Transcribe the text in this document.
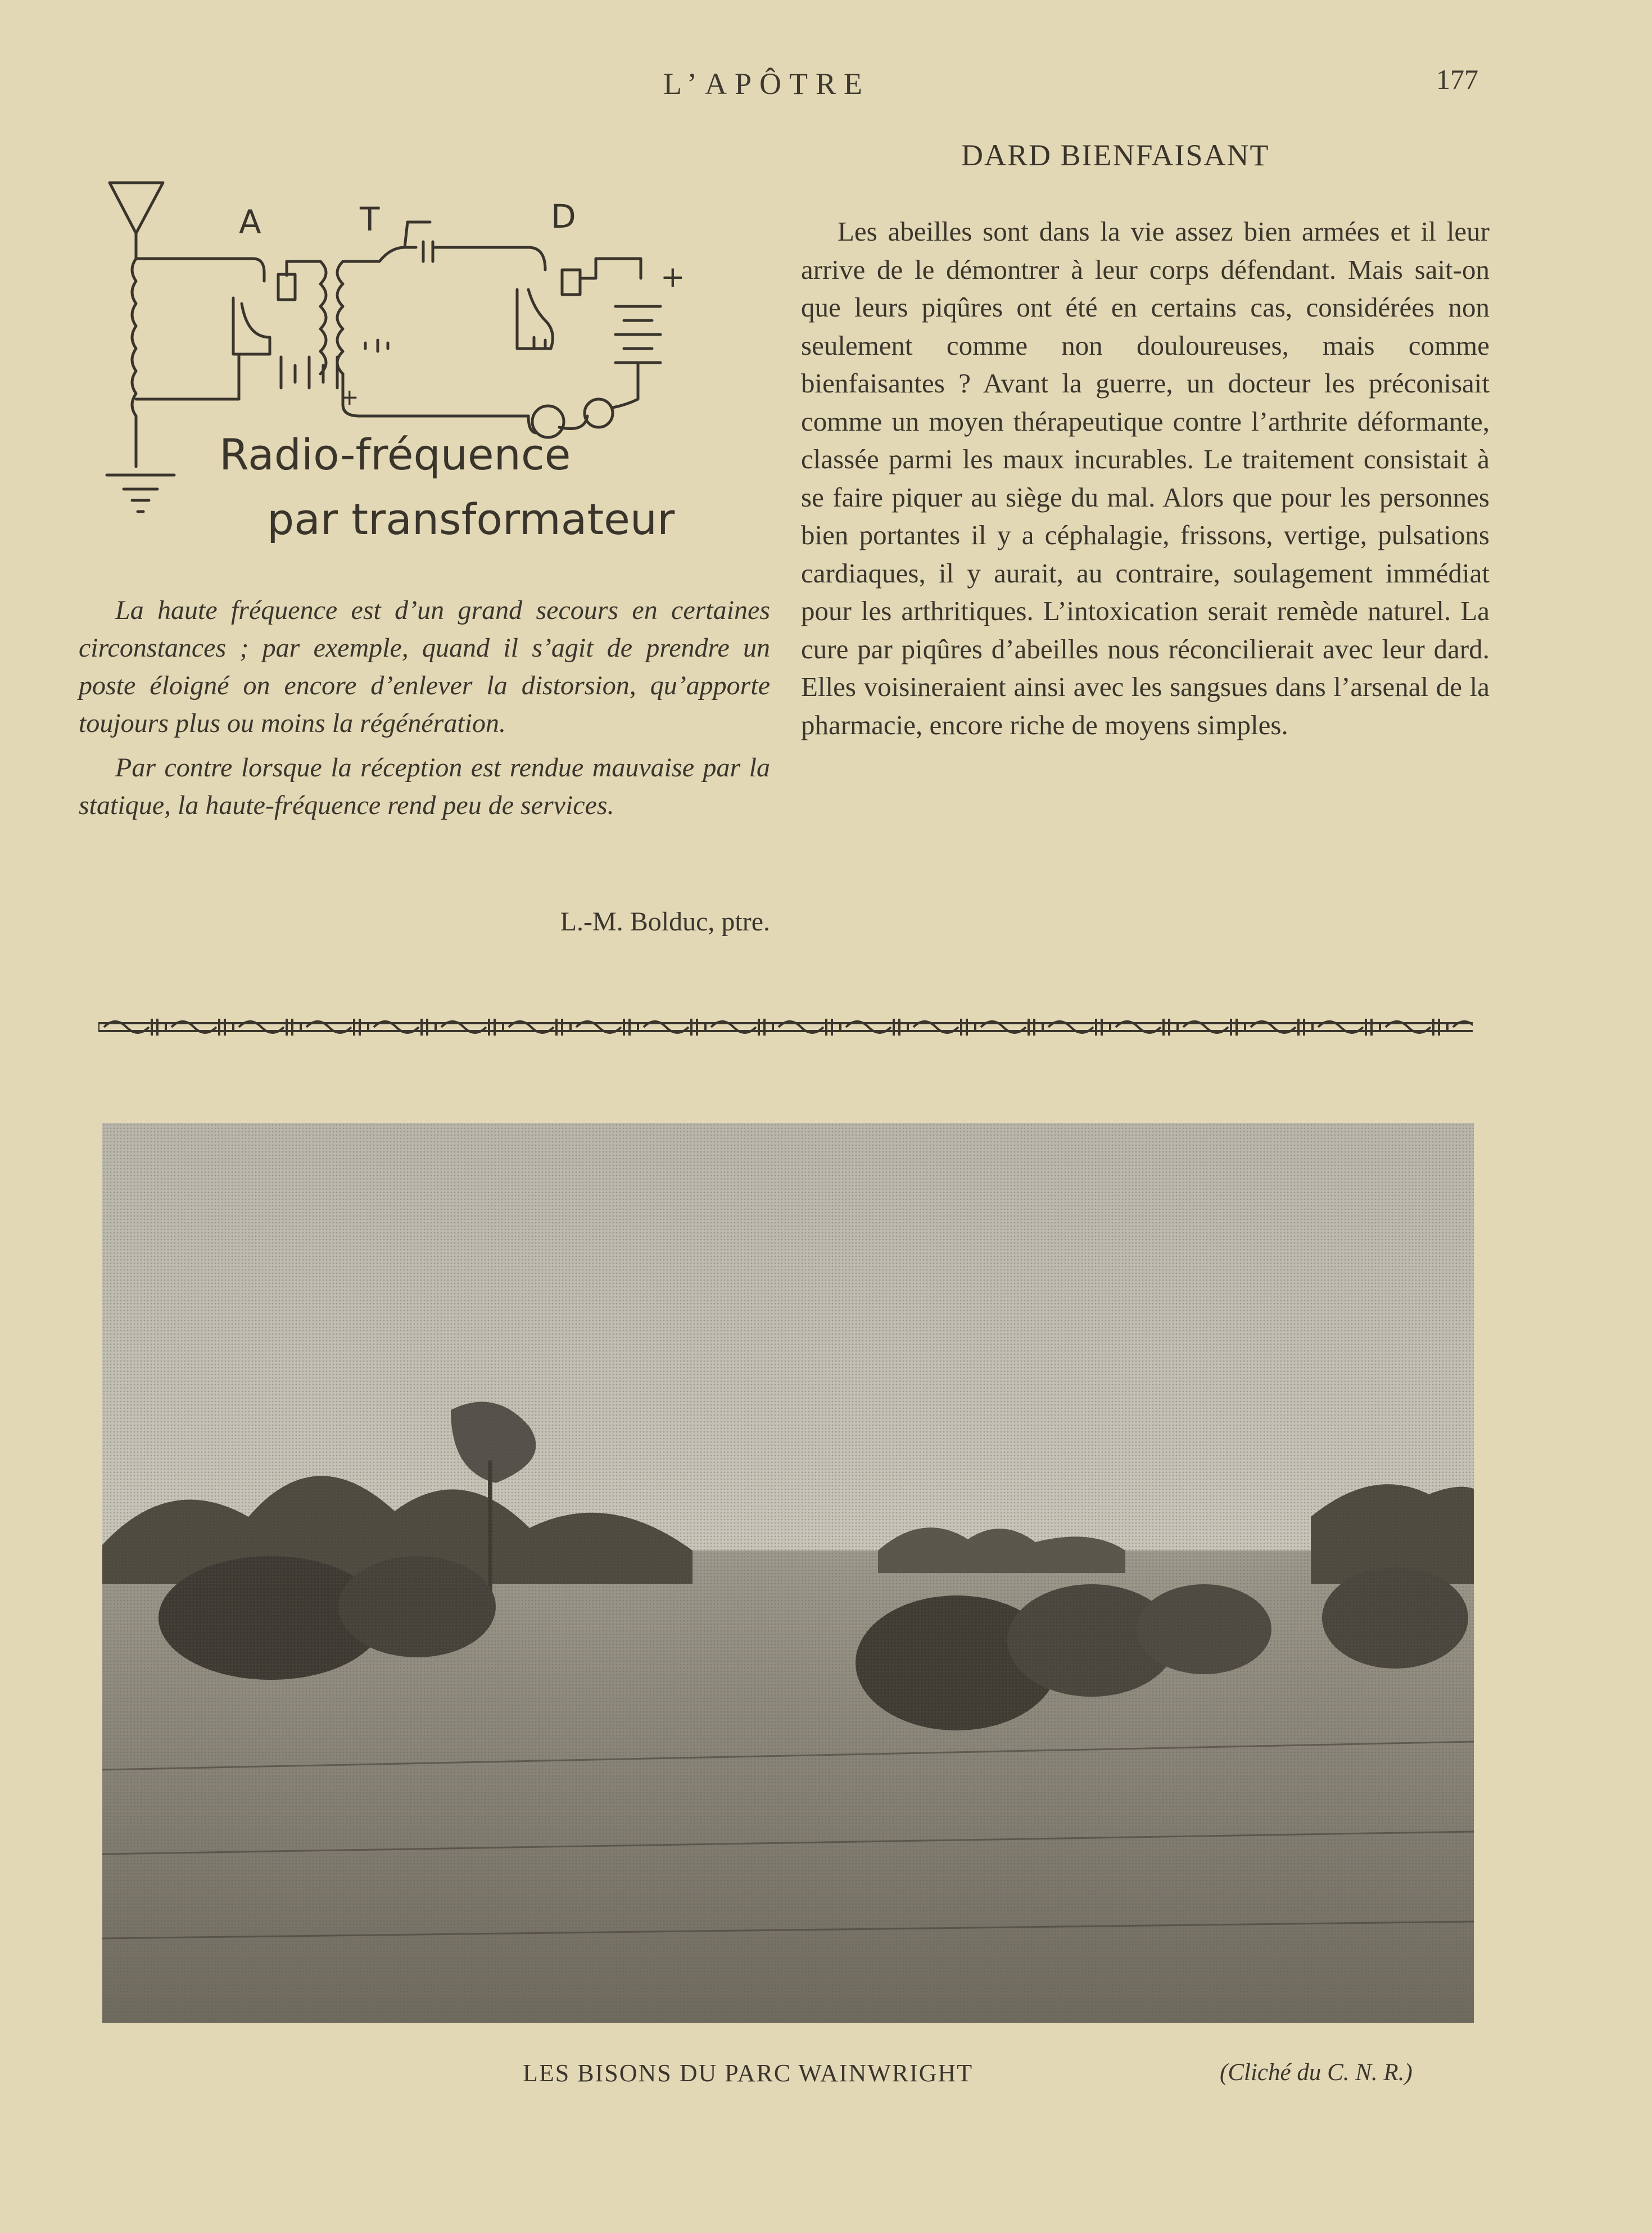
L’APÔTRE	177
A	T	D
+
+
Radio-fréquence
par transformateur

La haute fréquence est d’un grand secours en certaines circonstances ; par exemple, quand il s’agit de prendre un poste éloigné on encore d’enlever la distorsion, qu’apporte toujours plus ou moins la régénération.

Par contre lorsque la réception est rendue mauvaise par la statique, la haute-fréquence rend peu de services.

L.-M. Bolduc, ptre.
DARD BIENFAISANT

Les abeilles sont dans la vie assez bien armées et il leur arrive de le démontrer à leur corps défendant. Mais sait-on que leurs piqûres ont été en certains cas, considérées non seulement comme non douloureuses, mais comme bienfaisantes ? Avant la guerre, un docteur les préconisait comme un moyen thérapeutique contre l’arthrite déformante, classée parmi les maux incurables. Le traitement consistait à se faire piquer au siège du mal. Alors que pour les personnes bien portantes il y a céphalagie, frissons, vertige, pulsations cardiaques, il y aurait, au contraire, soulagement immédiat pour les arthritiques. L’intoxication serait remède naturel. La cure par piqûres d’abeilles nous réconcilierait avec leur dard. Elles voisineraient ainsi avec les sangsues dans l’arsenal de la pharmacie, encore riche de moyens simples.

LES BISONS DU PARC WAINWRIGHT	(Cliché du C. N. R.)
